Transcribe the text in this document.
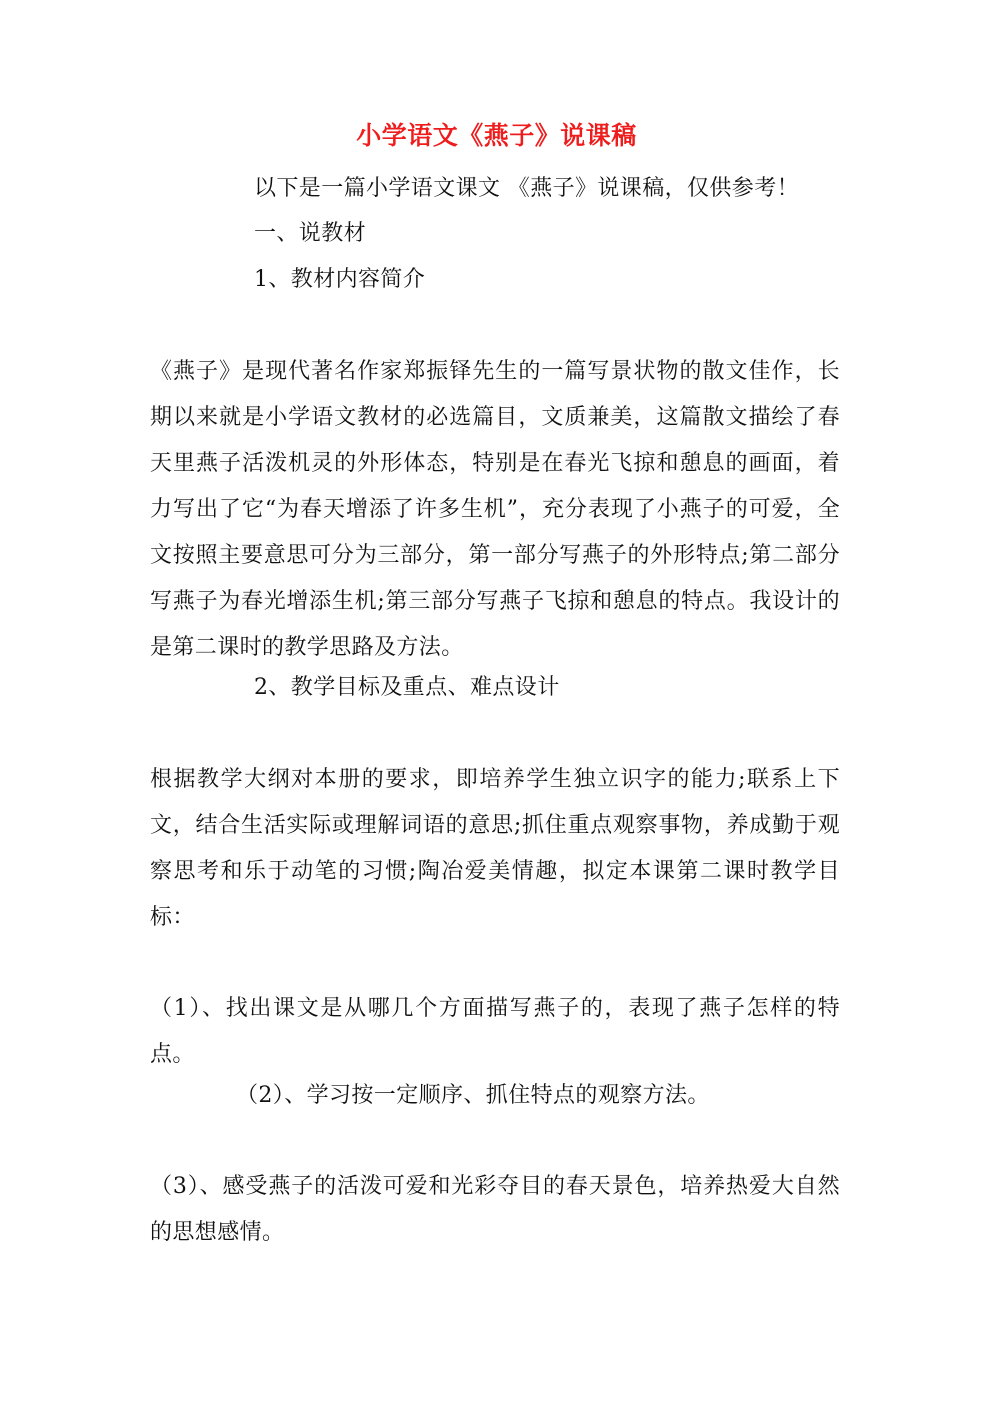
小学语文《燕子》说课稿
以下是一篇小学语文课文 《燕子》说课稿，仅供参考！
一、说教材
1、教材内容简介
《燕子》是现代著名作家郑振铎先生的一篇写景状物的散文佳作，长期以来就是小学语文教材的必选篇目，文质兼美，这篇散文描绘了春天里燕子活泼机灵的外形体态，特别是在春光飞掠和憩息的画面，着力写出了它“为春天增添了许多生机”，充分表现了小燕子的可爱，全文按照主要意思可分为三部分，第一部分写燕子的外形特点;第二部分写燕子为春光增添生机;第三部分写燕子飞掠和憩息的特点。我设计的是第二课时的教学思路及方法。
2、教学目标及重点、难点设计
根据教学大纲对本册的要求，即培养学生独立识字的能力;联系上下文，结合生活实际或理解词语的意思;抓住重点观察事物，养成勤于观察思考和乐于动笔的习惯;陶冶爱美情趣，拟定本课第二课时教学目标：
（1）、找出课文是从哪几个方面描写燕子的，表现了燕子怎样的特点。
（2）、学习按一定顺序、抓住特点的观察方法。
（3）、感受燕子的活泼可爱和光彩夺目的春天景色，培养热爱大自然的思想感情。
